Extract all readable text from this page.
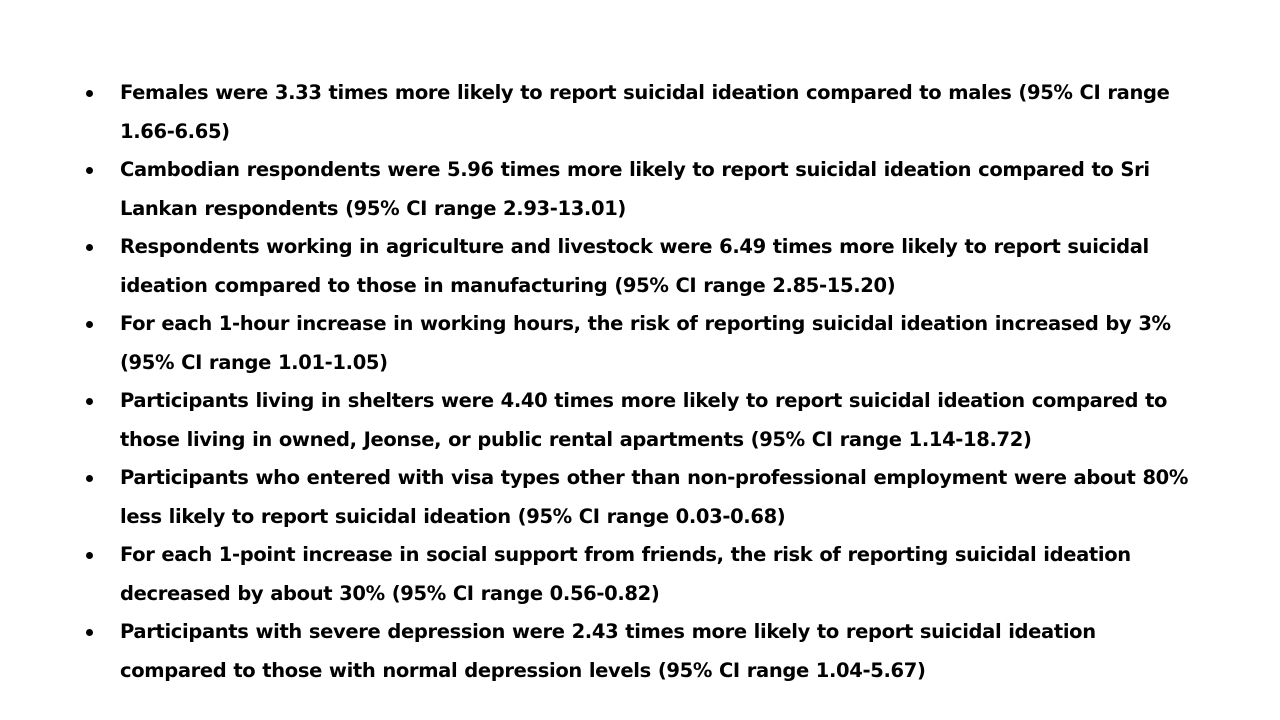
Females were 3.33 times more likely to report suicidal ideation compared to males (95% CI range 1.66-6.65)
Cambodian respondents were 5.96 times more likely to report suicidal ideation compared to Sri Lankan respondents (95% CI range 2.93-13.01)
Respondents working in agriculture and livestock were 6.49 times more likely to report suicidal ideation compared to those in manufacturing (95% CI range 2.85-15.20)
For each 1-hour increase in working hours, the risk of reporting suicidal ideation increased by 3% (95% CI range 1.01-1.05)
Participants living in shelters were 4.40 times more likely to report suicidal ideation compared to those living in owned, Jeonse, or public rental apartments (95% CI range 1.14-18.72)
Participants who entered with visa types other than non-professional employment were about 80% less likely to report suicidal ideation (95% CI range 0.03-0.68)
For each 1-point increase in social support from friends, the risk of reporting suicidal ideation decreased by about 30% (95% CI range 0.56-0.82)
Participants with severe depression were 2.43 times more likely to report suicidal ideation compared to those with normal depression levels (95% CI range 1.04-5.67)
